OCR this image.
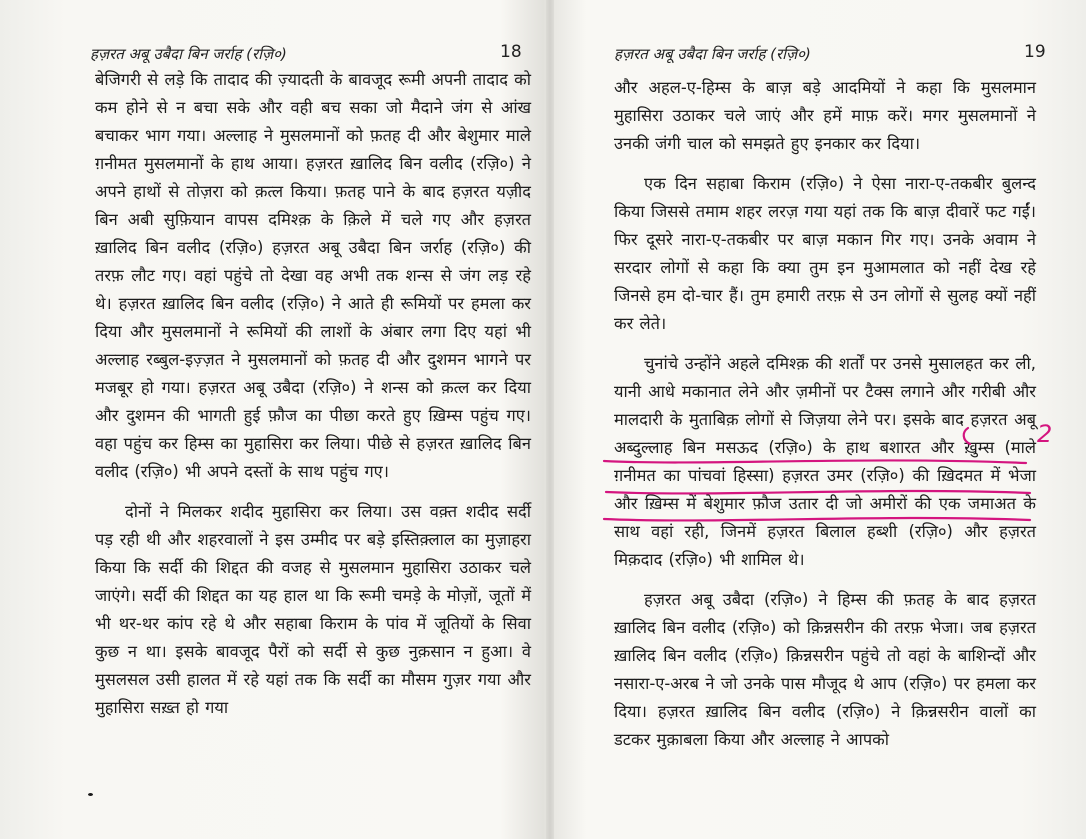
हज़रत अबू उबैदा बिन जर्राह (रज़ि०)	18

बेजिगरी से लड़े कि तादाद की ज़्यादती के बावजूद रूमी अपनी तादाद को कम होने से न बचा सके और वही बच सका जो मैदाने जंग से आंख बचाकर भाग गया। अल्लाह ने मुसलमानों को फ़तह दी और बेशुमार माले ग़नीमत मुसलमानों के हाथ आया। हज़रत ख़ालिद बिन वलीद (रज़ि०) ने अपने हाथों से तोज़रा को क़त्ल किया। फ़तह पाने के बाद हज़रत यज़ीद बिन अबी सुफ़ियान वापस दमिश्क़ के क़िले में चले गए और हज़रत ख़ालिद बिन वलीद (रज़ि०) हज़रत अबू उबैदा बिन जर्राह (रज़ि०) की तरफ़ लौट गए। वहां पहुंचे तो देखा वह अभी तक शन्स से जंग लड़ रहे थे। हज़रत ख़ालिद बिन वलीद (रज़ि०) ने आते ही रूमियों पर हमला कर दिया और मुसलमानों ने रूमियों की लाशों के अंबार लगा दिए यहां भी अल्लाह रब्बुल-इज़्ज़त ने मुसलमानों को फ़तह दी और दुशमन भागने पर मजबूर हो गया। हज़रत अबू उबैदा (रज़ि०) ने शन्स को क़त्ल कर दिया और दुशमन की भागती हुई फ़ौज का पीछा करते हुए ख़िम्स पहुंच गए। वहा पहुंच कर हिम्स का मुहासिरा कर लिया। पीछे से हज़रत ख़ालिद बिन वलीद (रज़ि०) भी अपने दस्तों के साथ पहुंच गए।

दोनों ने मिलकर शदीद मुहासिरा कर लिया। उस वक़्त शदीद सर्दी पड़ रही थी और शहरवालों ने इस उम्मीद पर बड़े इस्तिक़्लाल का मुज़ाहरा किया कि सर्दी की शिद्दत की वजह से मुसलमान मुहासिरा उठाकर चले जाएंगे। सर्दी की शिद्दत का यह हाल था कि रूमी चमड़े के मोज़ों, जूतों में भी थर-थर कांप रहे थे और सहाबा किराम के पांव में जूतियों के सिवा कुछ न था। इसके बावजूद पैरों को सर्दी से कुछ नुक़सान न हुआ। वे मुसलसल उसी हालत में रहे यहां तक कि सर्दी का मौसम गुज़र गया और मुहासिरा सख़्त हो गया

हज़रत अबू उबैदा बिन जर्राह (रज़ि०)	19

और अहल-ए-हिम्स के बाज़ बड़े आदमियों ने कहा कि मुसलमान मुहासिरा उठाकर चले जाएं और हमें माफ़ करें। मगर मुसलमानों ने उनकी जंगी चाल को समझते हुए इनकार कर दिया।

एक दिन सहाबा किराम (रज़ि०) ने ऐसा नारा-ए-तकबीर बुलन्द किया जिससे तमाम शहर लरज़ गया यहां तक कि बाज़ दीवारें फट गईं। फिर दूसरे नारा-ए-तकबीर पर बाज़ मकान गिर गए। उनके अवाम ने सरदार लोगों से कहा कि क्या तुम इन मुआमलात को नहीं देख रहे जिनसे हम दो-चार हैं। तुम हमारी तरफ़ से उन लोगों से सुलह क्यों नहीं कर लेते।

चुनांचे उन्होंने अहले दमिश्क़ की शर्तों पर उनसे मुसालहत कर ली, यानी आधे मकानात लेने और ज़मीनों पर टैक्स लगाने और गरीबी और मालदारी के मुताबिक़ लोगों से जिज़या लेने पर। इसके बाद हज़रत अबू अब्दुल्लाह बिन मसऊद (रज़ि०) के हाथ बशारत और ख़ुम्स (माले ग़नीमत का पांचवां हिस्सा) हज़रत उमर (रज़ि०) की ख़िदमत में भेजा और ख़िम्स में बेशुमार फ़ौज उतार दी जो अमीरों की एक जमाअत के साथ वहां रही, जिनमें हज़रत बिलाल हब्शी (रज़ि०) और हज़रत मिक़दाद (रज़ि०) भी शामिल थे।

हज़रत अबू उबैदा (रज़ि०) ने हिम्स की फ़तह के बाद हज़रत ख़ालिद बिन वलीद (रज़ि०) को क़िन्नसरीन की तरफ़ भेजा। जब हज़रत ख़ालिद बिन वलीद (रज़ि०) क़िन्नसरीन पहुंचे तो वहां के बाशिन्दों और नसारा-ए-अरब ने जो उनके पास मौजूद थे आप (रज़ि०) पर हमला कर दिया। हज़रत ख़ालिद बिन वलीद (रज़ि०) ने क़िन्नसरीन वालों का डटकर मुक़ाबला किया और अल्लाह ने आपको

2
